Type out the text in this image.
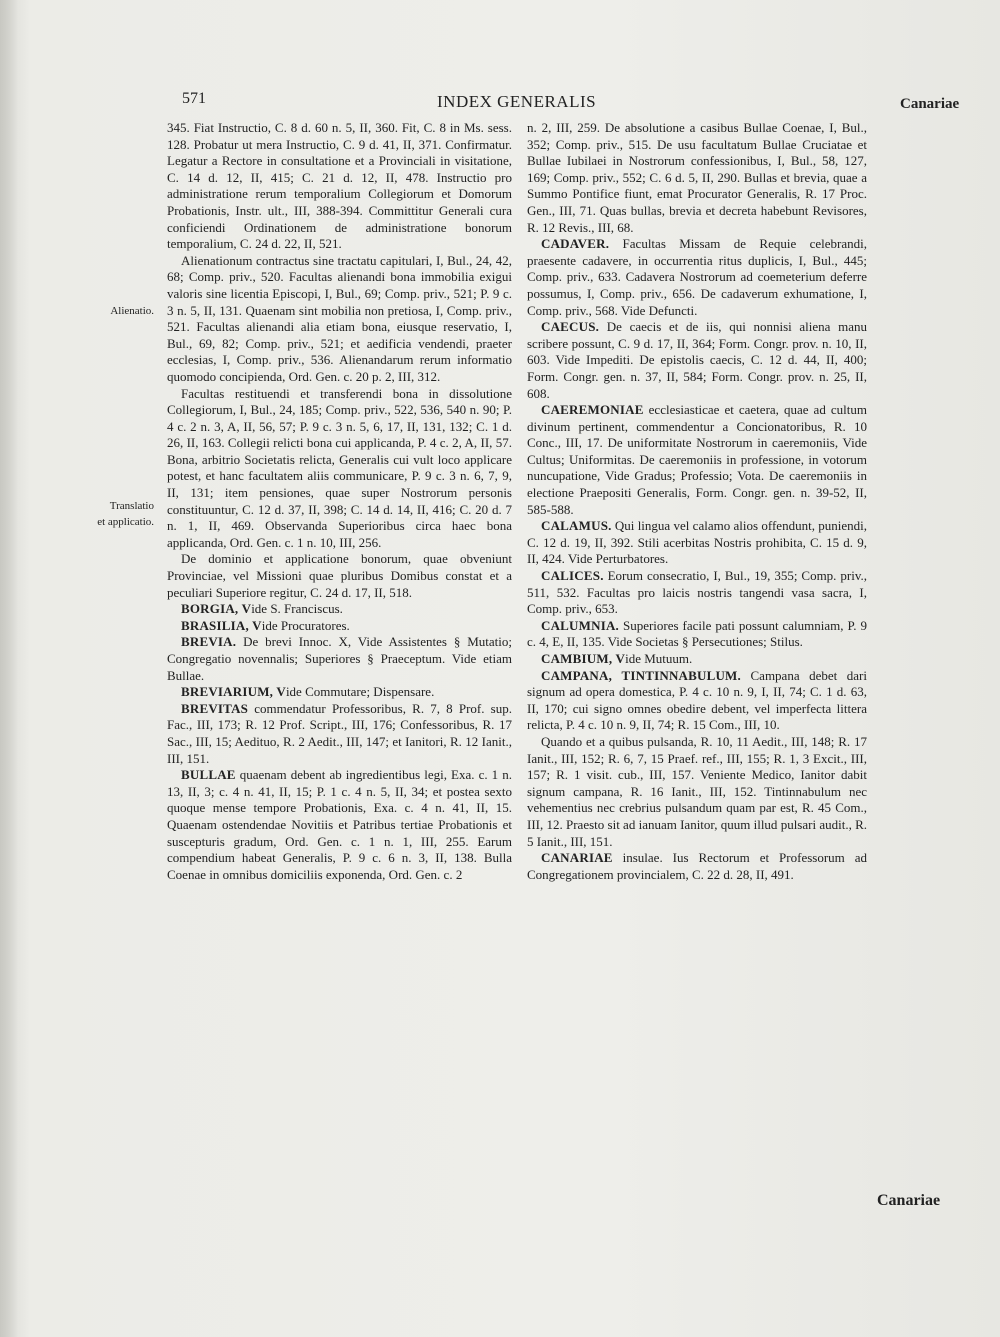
571	INDEX GENERALIS	Canariae
Canariae
Alienatio.
Translatio
et applicatio.

345. Fiat Instructio, C. 8 d. 60 n. 5, II, 360. Fit, C. 8 in Ms. sess. 128. Probatur ut mera Instructio, C. 9 d. 41, II, 371. Confirmatur. Legatur a Rectore in consultatione et a Provinciali in visitatione, C. 14 d. 12, II, 415; C. 21 d. 12, II, 478. Instructio pro administratione rerum temporalium Collegiorum et Domorum Probationis, Instr. ult., III, 388-394. Committitur Generali cura conficiendi Ordinationem de administratione bonorum temporalium, C. 24 d. 22, II, 521.

Alienationum contractus sine tractatu capitulari, I, Bul., 24, 42, 68; Comp. priv., 520. Facultas alienandi bona immobilia exigui valoris sine licentia Episcopi, I, Bul., 69; Comp. priv., 521; P. 9 c. 3 n. 5, II, 131. Quaenam sint mobilia non pretiosa, I, Comp. priv., 521. Facultas alienandi alia etiam bona, eiusque reservatio, I, Bul., 69, 82; Comp. priv., 521; et aedificia vendendi, praeter ecclesias, I, Comp. priv., 536. Alienandarum rerum informatio quomodo concipienda, Ord. Gen. c. 20 p. 2, III, 312.

Facultas restituendi et transferendi bona in dissolutione Collegiorum, I, Bul., 24, 185; Comp. priv., 522, 536, 540 n. 90; P. 4 c. 2 n. 3, A, II, 56, 57; P. 9 c. 3 n. 5, 6, 17, II, 131, 132; C. 1 d. 26, II, 163. Collegii relicti bona cui applicanda, P. 4 c. 2, A, II, 57. Bona, arbitrio Societatis relicta, Generalis cui vult loco applicare potest, et hanc facultatem aliis communicare, P. 9 c. 3 n. 6, 7, 9, II, 131; item pensiones, quae super Nostrorum personis constituuntur, C. 12 d. 37, II, 398; C. 14 d. 14, II, 416; C. 20 d. 7 n. 1, II, 469. Observanda Superioribus circa haec bona applicanda, Ord. Gen. c. 1 n. 10, III, 256.

De dominio et applicatione bonorum, quae obveniunt Provinciae, vel Missioni quae pluribus Domibus constat et a peculiari Superiore regitur, C. 24 d. 17, II, 518.

BORGIA, Vide S. Franciscus.

BRASILIA, Vide Procuratores.

BREVIA. De brevi Innoc. X, Vide Assistentes § Mutatio; Congregatio novennalis; Superiores § Praeceptum. Vide etiam Bullae.

BREVIARIUM, Vide Commutare; Dispensare.

BREVITAS commendatur Professoribus, R. 7, 8 Prof. sup. Fac., III, 173; R. 12 Prof. Script., III, 176; Confessoribus, R. 17 Sac., III, 15; Aedituo, R. 2 Aedit., III, 147; et Ianitori, R. 12 Ianit., III, 151.

BULLAE quaenam debent ab ingredientibus legi, Exa. c. 1 n. 13, II, 3; c. 4 n. 41, II, 15; P. 1 c. 4 n. 5, II, 34; et postea sexto quoque mense tempore Probationis, Exa. c. 4 n. 41, II, 15. Quaenam ostendendae Novitiis et Patribus tertiae Probationis et suscepturis gradum, Ord. Gen. c. 1 n. 1, III, 255. Earum compendium habeat Generalis, P. 9 c. 6 n. 3, II, 138. Bulla Coenae in omnibus domiciliis exponenda, Ord. Gen. c. 2

n. 2, III, 259. De absolutione a casibus Bullae Coenae, I, Bul., 352; Comp. priv., 515. De usu facultatum Bullae Cruciatae et Bullae Iubilaei in Nostrorum confessionibus, I, Bul., 58, 127, 169; Comp. priv., 552; C. 6 d. 5, II, 290. Bullas et brevia, quae a Summo Pontifice fiunt, emat Procurator Generalis, R. 17 Proc. Gen., III, 71. Quas bullas, brevia et decreta habebunt Revisores, R. 12 Revis., III, 68.

CADAVER. Facultas Missam de Requie celebrandi, praesente cadavere, in occurrentia ritus duplicis, I, Bul., 445; Comp. priv., 633. Cadavera Nostrorum ad coemeterium deferre possumus, I, Comp. priv., 656. De cadaverum exhumatione, I, Comp. priv., 568. Vide Defuncti.

CAECUS. De caecis et de iis, qui nonnisi aliena manu scribere possunt, C. 9 d. 17, II, 364; Form. Congr. prov. n. 10, II, 603. Vide Impediti. De epistolis caecis, C. 12 d. 44, II, 400; Form. Congr. gen. n. 37, II, 584; Form. Congr. prov. n. 25, II, 608.

CAEREMONIAE ecclesiasticae et caetera, quae ad cultum divinum pertinent, commendentur a Concionatoribus, R. 10 Conc., III, 17. De uniformitate Nostrorum in caeremoniis, Vide Cultus; Uniformitas. De caeremoniis in professione, in votorum nuncupatione, Vide Gradus; Professio; Vota. De caeremoniis in electione Praepositi Generalis, Form. Congr. gen. n. 39-52, II, 585-588.

CALAMUS. Qui lingua vel calamo alios offendunt, puniendi, C. 12 d. 19, II, 392. Stili acerbitas Nostris prohibita, C. 15 d. 9, II, 424. Vide Perturbatores.

CALICES. Eorum consecratio, I, Bul., 19, 355; Comp. priv., 511, 532. Facultas pro laicis nostris tangendi vasa sacra, I, Comp. priv., 653.

CALUMNIA. Superiores facile pati possunt calumniam, P. 9 c. 4, E, II, 135. Vide Societas § Persecutiones; Stilus.

CAMBIUM, Vide Mutuum.

CAMPANA, TINTINNABULUM. Campana debet dari signum ad opera domestica, P. 4 c. 10 n. 9, I, II, 74; C. 1 d. 63, II, 170; cui signo omnes obedire debent, vel imperfecta littera relicta, P. 4 c. 10 n. 9, II, 74; R. 15 Com., III, 10.

Quando et a quibus pulsanda, R. 10, 11 Aedit., III, 148; R. 17 Ianit., III, 152; R. 6, 7, 15 Praef. ref., III, 155; R. 1, 3 Excit., III, 157; R. 1 visit. cub., III, 157. Veniente Medico, Ianitor dabit signum campana, R. 16 Ianit., III, 152. Tintinnabulum nec vehementius nec crebrius pulsandum quam par est, R. 45 Com., III, 12. Praesto sit ad ianuam Ianitor, quum illud pulsari audit., R. 5 Ianit., III, 151.

CANARIAE insulae. Ius Rectorum et Professorum ad Congregationem provincialem, C. 22 d. 28, II, 491.
